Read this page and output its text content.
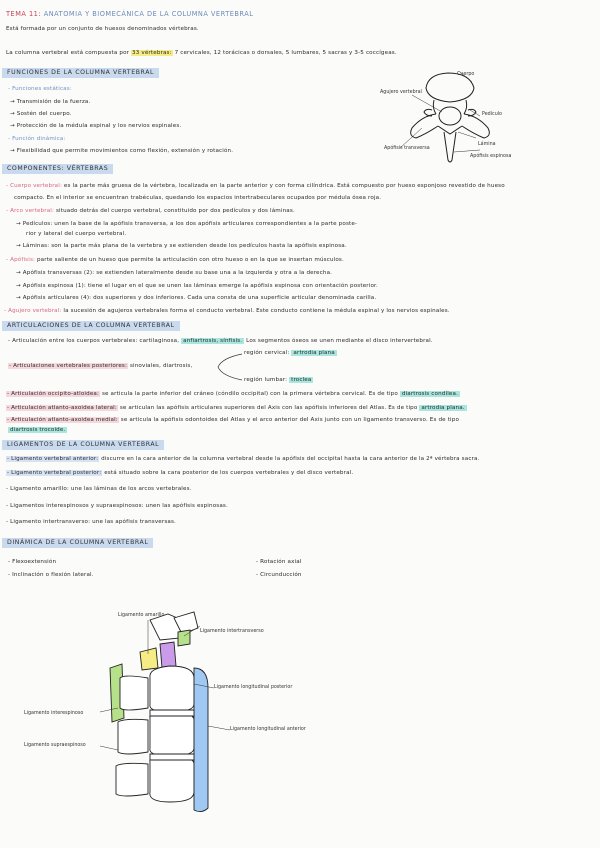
TEMA 11: ANATOMIA Y BIOMECÁNICA DE LA COLUMNA VERTEBRAL
Está formada por un conjunto de huesos denominados vértebras.
La columna vertebral está compuesta por 33 vértebras: 7 cervicales, 12 torácicas o dorsales, 5 lumbares, 5 sacras y 3-5 coccígeas.
FUNCIONES DE LA COLUMNA VERTEBRAL
- Funciones estáticas:
→ Transmisión de la fuerza.
→ Sostén del cuerpo.
→ Protección de la médula espinal y los nervios espinales.
- Función dinámica:
→ Flexibilidad que permite movimientos como flexión, extensión y rotación.
Cuerpo
Agujero vertebral
Pedículo
Lámina
Apófisis transversa
Apófisis espinosa
COMPONENTES: VÉRTEBRAS
- Cuerpo vertebral: es la parte más gruesa de la vértebra, localizada en la parte anterior y con forma cilíndrica. Está compuesto por hueso esponjoso revestido de hueso
compacto. En el interior se encuentran trabéculas, quedando los espacios intertrabeculares ocupados por médula ósea roja.
- Arco vertebral: situado detrás del cuerpo vertebral, constituido por dos pedículos y dos láminas.
→ Pedículos: unen la base de la apófisis transversa, a los dos apófisis articulares correspondientes a la parte poste-
rior y lateral del cuerpo vertebral.
→ Láminas: son la parte más plana de la vertebra y se extienden desde los pedículos hasta la apófisis espinosa.
- Apófisis: parte saliente de un hueso que permite la articulación con otro hueso o en la que se insertan músculos.
→ Apófisis transversas (2): se extienden lateralmente desde su base una a la izquierda y otra a la derecha.
→ Apófisis espinosa (1): tiene el lugar en el que se unen las láminas emerge la apófisis espinosa con orientación posterior.
→ Apófisis articulares (4): dos superiores y dos inferiores. Cada una consta de una superficie articular denominada carilla.
- Agujero vertebral: la sucesión de agujeros vertebrales forma el conducto vertebral. Este conducto contiene la médula espinal y los nervios espinales.
ARTICULACIONES DE LA COLUMNA VERTEBRAL
- Articulación entre los cuerpos vertebrales: cartilaginosa, anfiartrosis, sínfisis. Los segmentos óseos se unen mediante el disco intervertebral.
región cervical: artrodia plana
- Articulaciones vertebrales posteriores: sinoviales, diartrosis,
región lumbar: troclea
- Articulación occipito-atloidea: se articula la parte inferior del cráneo (cóndilo occipital) con la primera vértebra cervical. Es de tipo diartrosis condílea.
- Articulación atlanto-axoidea lateral: se articulan las apófisis articulares superiores del Axis con las apófisis inferiores del Atlas. Es de tipo artrodia plana.
- Articulación atlanto-axoidea medial: se articula la apófisis odontoides del Atlas y el arco anterior del Axis junto con un ligamento transverso. Es de tipo
diartrosis trocoide.
LIGAMENTOS DE LA COLUMNA VERTEBRAL
- Ligamento vertebral anterior: discurre en la cara anterior de la columna vertebral desde la apófisis del occipital hasta la cara anterior de la 2ª vértebra sacra.
- Ligamento vertebral posterior: está situado sobre la cara posterior de los cuerpos vertebrales y del disco vertebral.
- Ligamento amarillo: une las láminas de los arcos vertebrales.
- Ligamentos interespinosos y supraespinosos: unen las apófisis espinosas.
- Ligamento intertransverso: une las apófisis transversas.
DINÁMICA DE LA COLUMNA VERTEBRAL
- Flexoextensión
- Inclinación o flexión lateral.
- Rotación axial
- Circunducción
Ligamento amarillo
Ligamento intertransverso
Ligamento longitudinal posterior
Ligamento interespinoso
Ligamento longitudinal anterior
Ligamento supraespinoso
